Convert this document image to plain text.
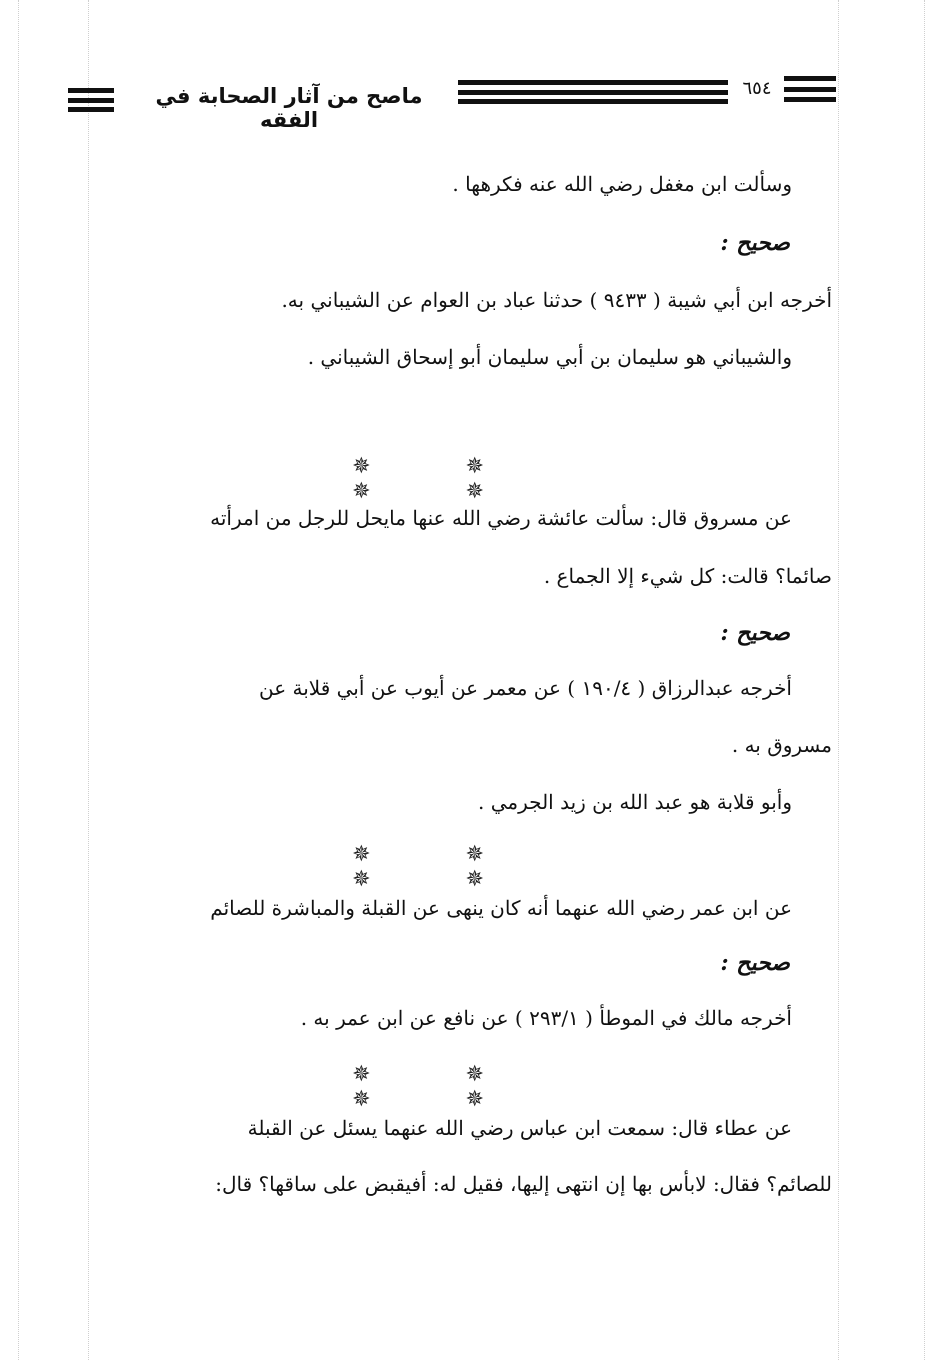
ماصح من آثار الصحابة في الفقه
٦٥٤
وسألت ابن مغفل رضي الله عنه فكرهها .
صحيح :
أخرجه ابن أبي شيبة ( ٩٤٣٣ ) حدثنا عباد بن العوام عن الشيباني به.
والشيباني هو سليمان بن أبي سليمان أبو إسحاق الشيباني .
✵ ✵ ✵ ✵
عن مسروق قال: سألت عائشة رضي الله عنها مايحل للرجل من امرأته
صائما؟ قالت: كل شيء إلا الجماع .
صحيح :
أخرجه عبدالرزاق ( ١٩٠/٤ ) عن معمر عن أيوب عن أبي قلابة عن
مسروق به .
وأبو قلابة هو عبد الله بن زيد الجرمي .
✵ ✵ ✵ ✵
عن ابن عمر رضي الله عنهما أنه كان ينهى عن القبلة والمباشرة للصائم
صحيح :
أخرجه مالك في الموطأ ( ٢٩٣/١ ) عن نافع عن ابن عمر به .
✵ ✵ ✵ ✵
عن عطاء قال: سمعت ابن عباس رضي الله عنهما يسئل عن القبلة
للصائم؟ فقال: لابأس بها إن انتهى إليها، فقيل له: أفيقبض على ساقها؟ قال:
